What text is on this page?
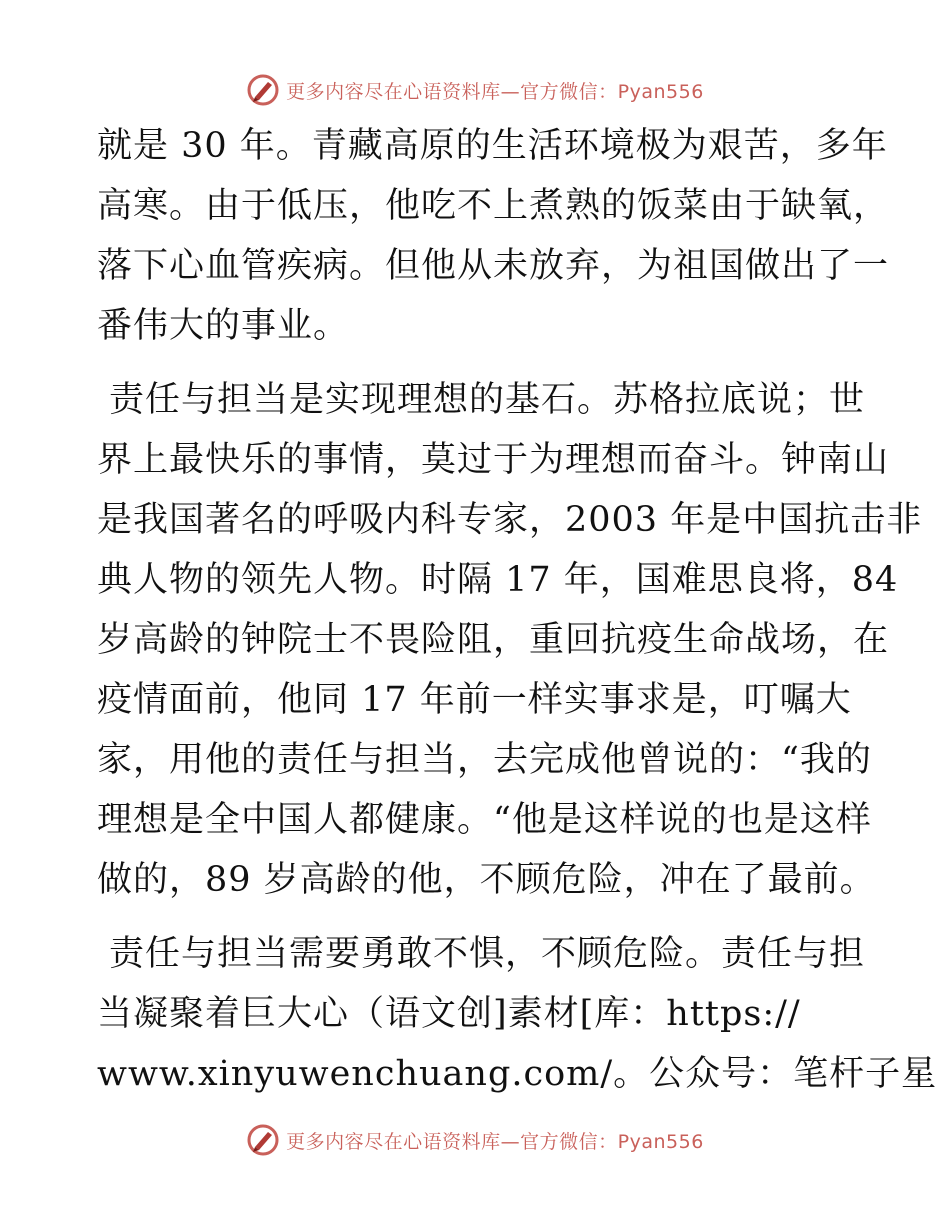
更多内容尽在心语资料库—官方微信：Pyan556
就是 30 年。青藏高原的生活环境极为艰苦，多年
高寒。由于低压，他吃不上煮熟的饭菜由于缺氧，
落下心血管疾病。但他从未放弃，为祖国做出了一
番伟大的事业。
责任与担当是实现理想的基石。苏格拉底说；世
界上最快乐的事情，莫过于为理想而奋斗。钟南山
是我国著名的呼吸内科专家，2003 年是中国抗击非
典人物的领先人物。时隔 17 年，国难思良将，84
岁高龄的钟院士不畏险阻，重回抗疫生命战场，在
疫情面前，他同 17 年前一样实事求是，叮嘱大
家，用他的责任与担当，去完成他曾说的：“我的
理想是全中国人都健康。“他是这样说的也是这样
做的，89 岁高龄的他，不顾危险，冲在了最前。
责任与担当需要勇敢不惧，不顾危险。责任与担
当凝聚着巨大心（语文创]素材[库：https://
www.xinyuwenchuang.com/。公众号：笔杆子星
更多内容尽在心语资料库—官方微信：Pyan556
